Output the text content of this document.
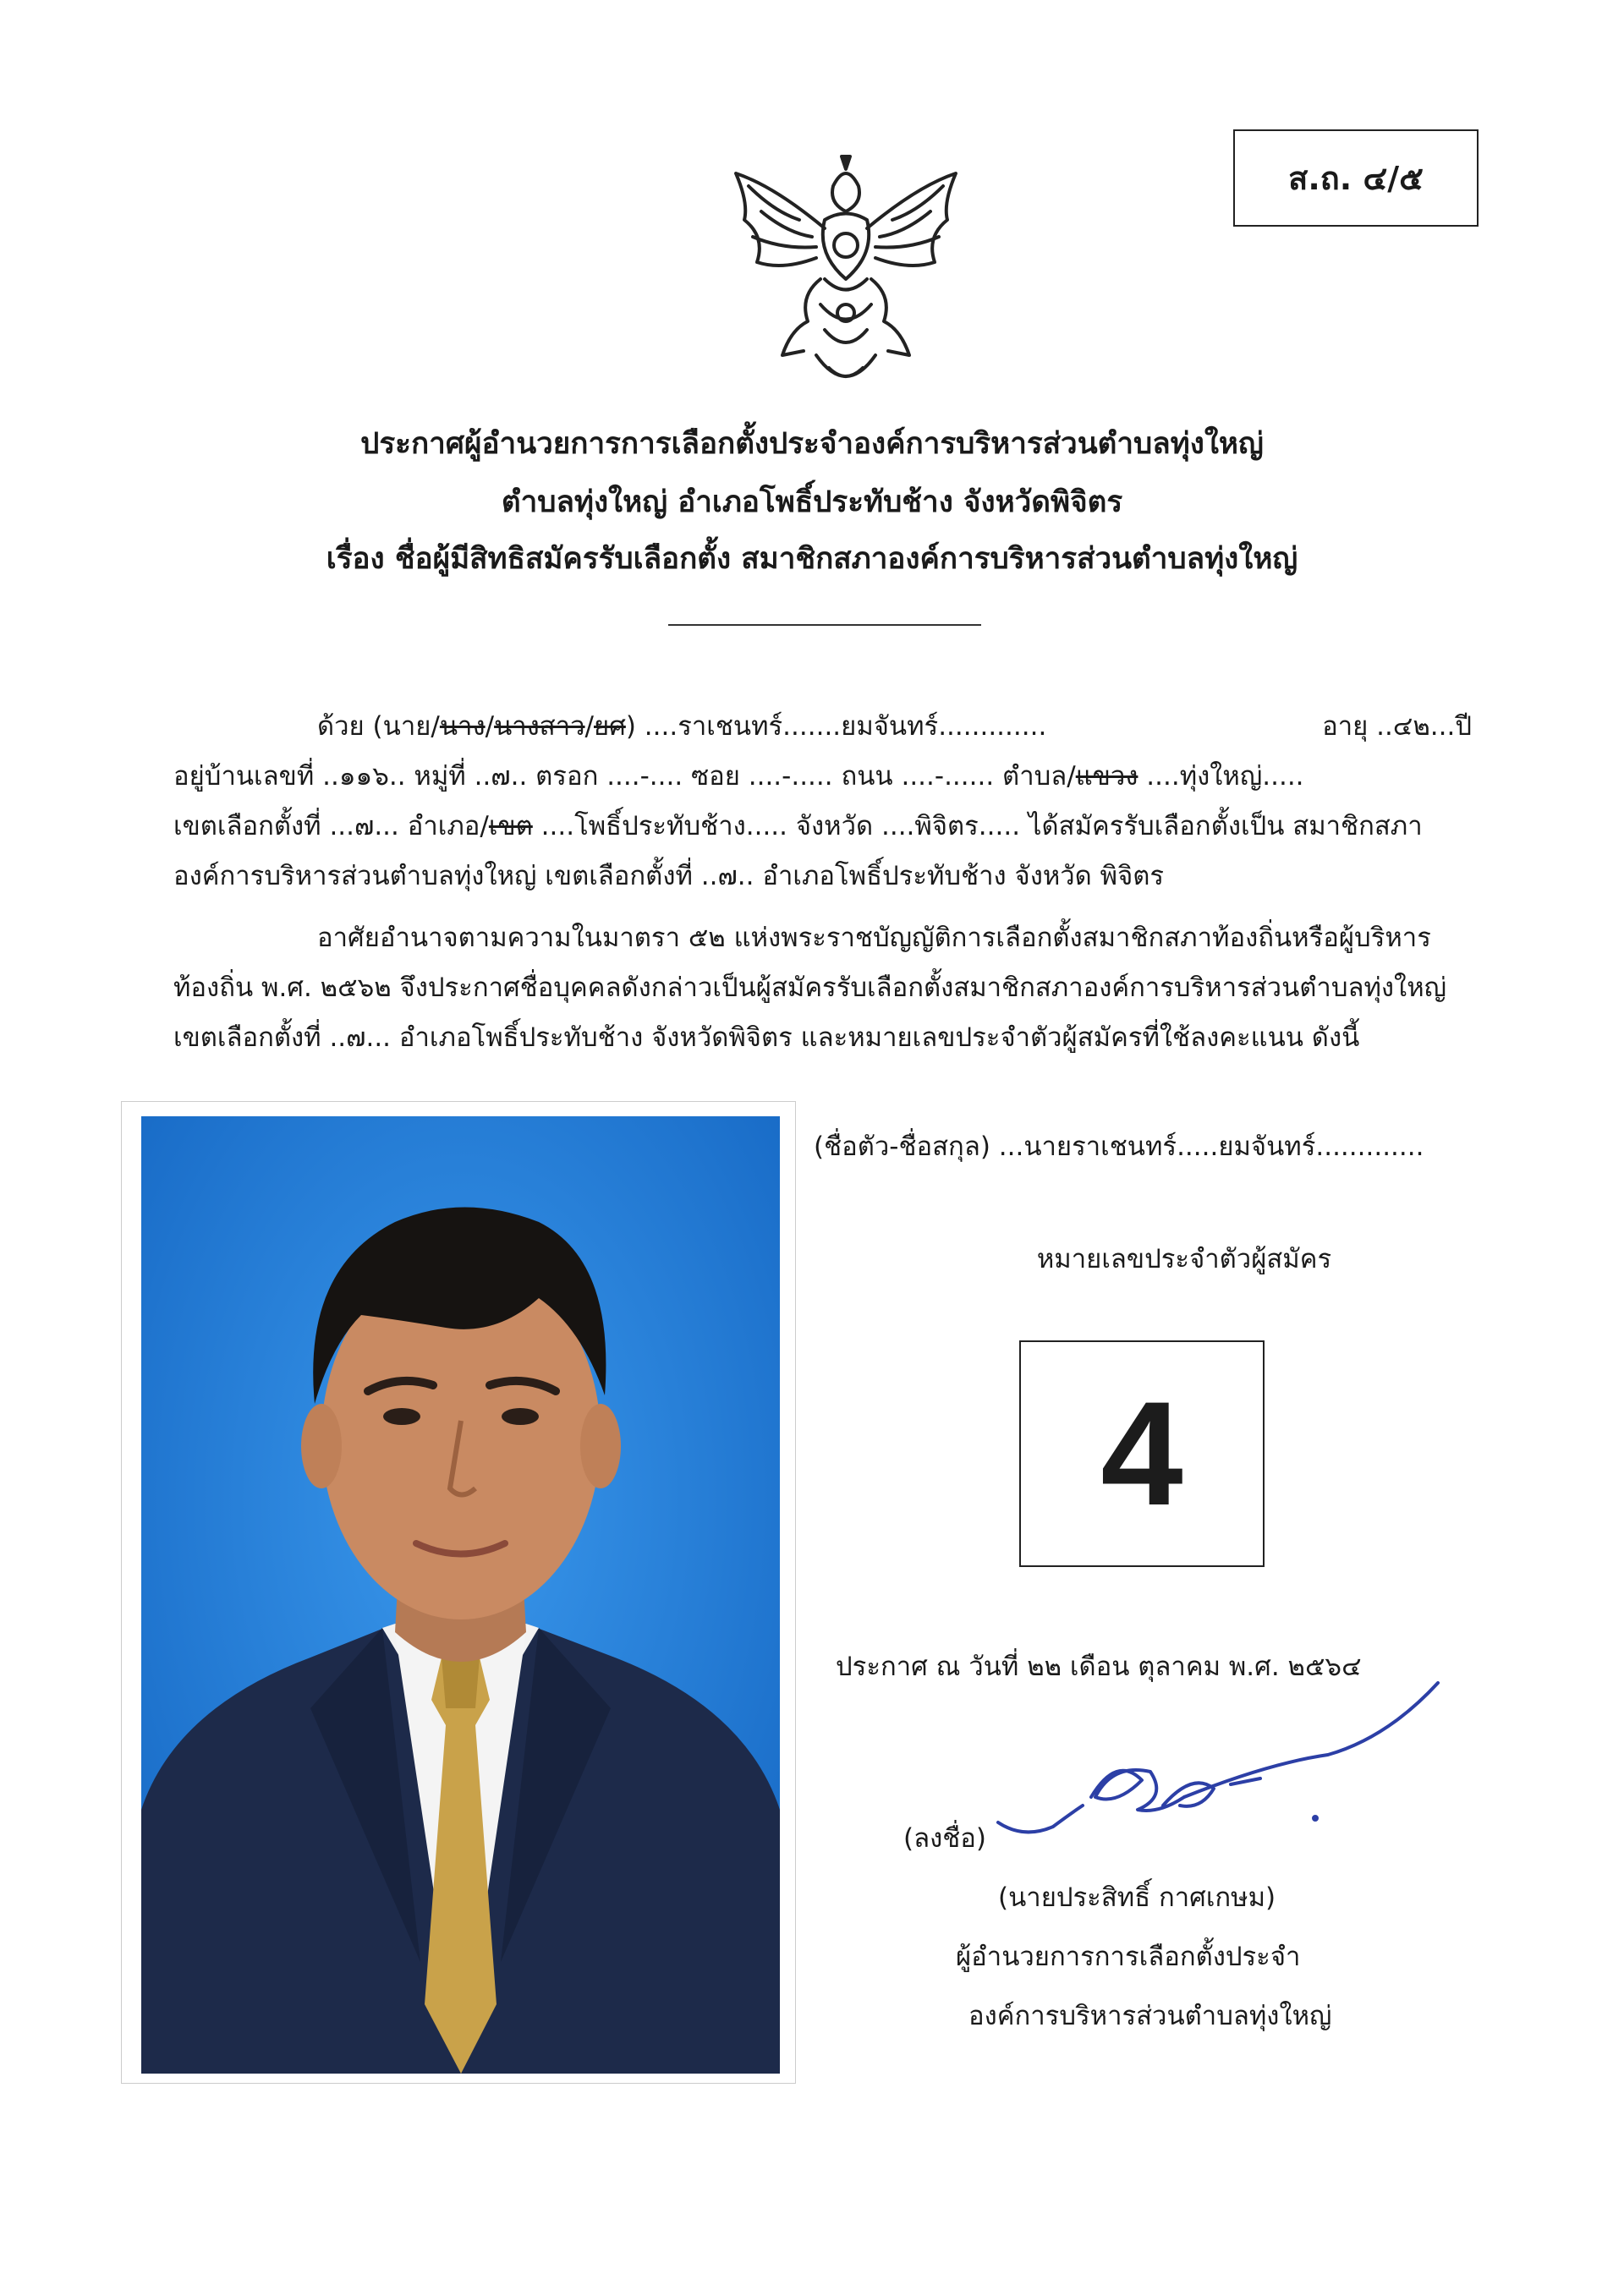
ส.ถ. ๔/๕
ประกาศผู้อำนวยการการเลือกตั้งประจำองค์การบริหารส่วนตำบลทุ่งใหญ่
ตำบลทุ่งใหญ่ อำเภอโพธิ์ประทับช้าง จังหวัดพิจิตร
เรื่อง ชื่อผู้มีสิทธิสมัครรับเลือกตั้ง สมาชิกสภาองค์การบริหารส่วนตำบลทุ่งใหญ่
ด้วย (นาย/นาง/นางสาว/ยศ) ....ราเชนทร์.......ยมจันทร์.............	อายุ ..๔๒...ปี
อยู่บ้านเลขที่ ..๑๑๖.. หมู่ที่ ..๗.. ตรอก ....-.... ซอย ....-..... ถนน ....-...... ตำบล/แขวง ....ทุ่งใหญ่.....
เขตเลือกตั้งที่ ...๗... อำเภอ/เขต ....โพธิ์ประทับช้าง..... จังหวัด ....พิจิตร..... ได้สมัครรับเลือกตั้งเป็น สมาชิกสภา
องค์การบริหารส่วนตำบลทุ่งใหญ่ เขตเลือกตั้งที่ ..๗.. อำเภอโพธิ์ประทับช้าง จังหวัด พิจิตร
อาศัยอำนาจตามความในมาตรา ๕๒ แห่งพระราชบัญญัติการเลือกตั้งสมาชิกสภาท้องถิ่นหรือผู้บริหาร
ท้องถิ่น พ.ศ. ๒๕๖๒ จึงประกาศชื่อบุคคลดังกล่าวเป็นผู้สมัครรับเลือกตั้งสมาชิกสภาองค์การบริหารส่วนตำบลทุ่งใหญ่
เขตเลือกตั้งที่ ..๗... อำเภอโพธิ์ประทับช้าง จังหวัดพิจิตร และหมายเลขประจำตัวผู้สมัครที่ใช้ลงคะแนน ดังนี้
(ชื่อตัว-ชื่อสกุล) ...นายราเชนทร์.....ยมจันทร์.............
หมายเลขประจำตัวผู้สมัคร
4
ประกาศ ณ วันที่ ๒๒ เดือน ตุลาคม พ.ศ. ๒๕๖๔
(ลงชื่อ)
(นายประสิทธิ์ กาศเกษม)
ผู้อำนวยการการเลือกตั้งประจำ
องค์การบริหารส่วนตำบลทุ่งใหญ่
